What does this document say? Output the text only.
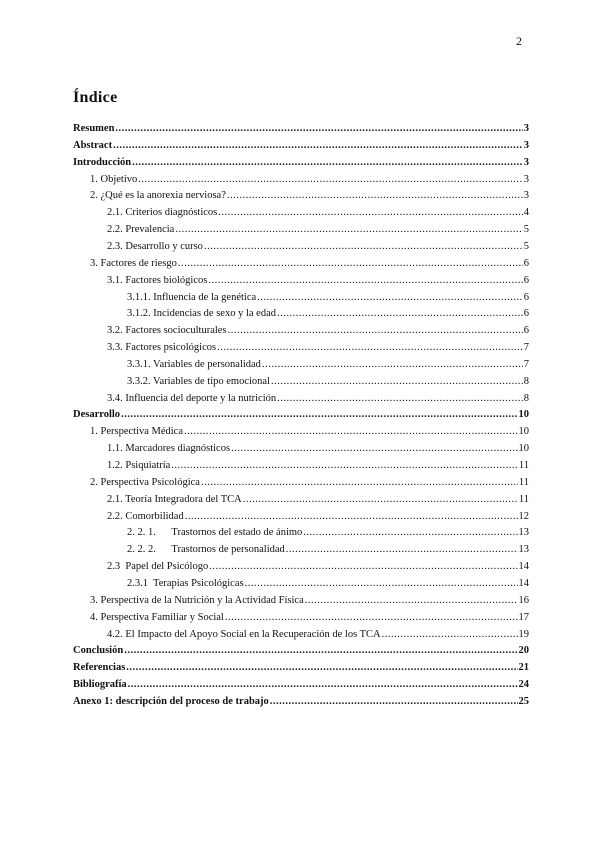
2
Índice
Resumen .....	3
Abstract .....	3
Introducción .....	3
1. Objetivo .....	3
2. ¿Qué es la anorexia nerviosa? .....	3
2.1. Criterios diagnósticos .....	4
2.2. Prevalencia .....	5
2.3. Desarrollo y curso .....	5
3. Factores de riesgo .....	6
3.1. Factores biológicos .....	6
3.1.1. Influencia de la genética .....	6
3.1.2. Incidencias de sexo y la edad .....	6
3.2. Factores socioculturales .....	6
3.3. Factores psicológicos .....	7
3.3.1. Variables de personalidad .....	7
3.3.2. Variables de tipo emocional .....	8
3.4. Influencia del deporte y la nutrición .....	8
Desarrollo .....	10
1. Perspectiva Médica .....	10
1.1. Marcadores diagnósticos .....	10
1.2. Psiquiatría .....	11
2. Perspectiva Psicológica .....	11
2.1. Teoría Integradora del TCA .....	11
2.2. Comorbilidad .....	12
2. 2. 1.      Trastornos del estado de ánimo .....	13
2. 2. 2.      Trastornos de personalidad .....	13
2.3  Papel del Psicólogo .....	14
2.3.1  Terapias Psicológicas .....	14
3. Perspectiva de la Nutrición y la Actividad Física .....	16
4. Perspectiva Familiar y Social .....	17
4.2. El Impacto del Apoyo Social en la Recuperación de los TCA .....	19
Conclusión .....	20
Referencias .....	21
Bibliografía .....	24
Anexo 1: descripción del proceso de trabajo .....	25
